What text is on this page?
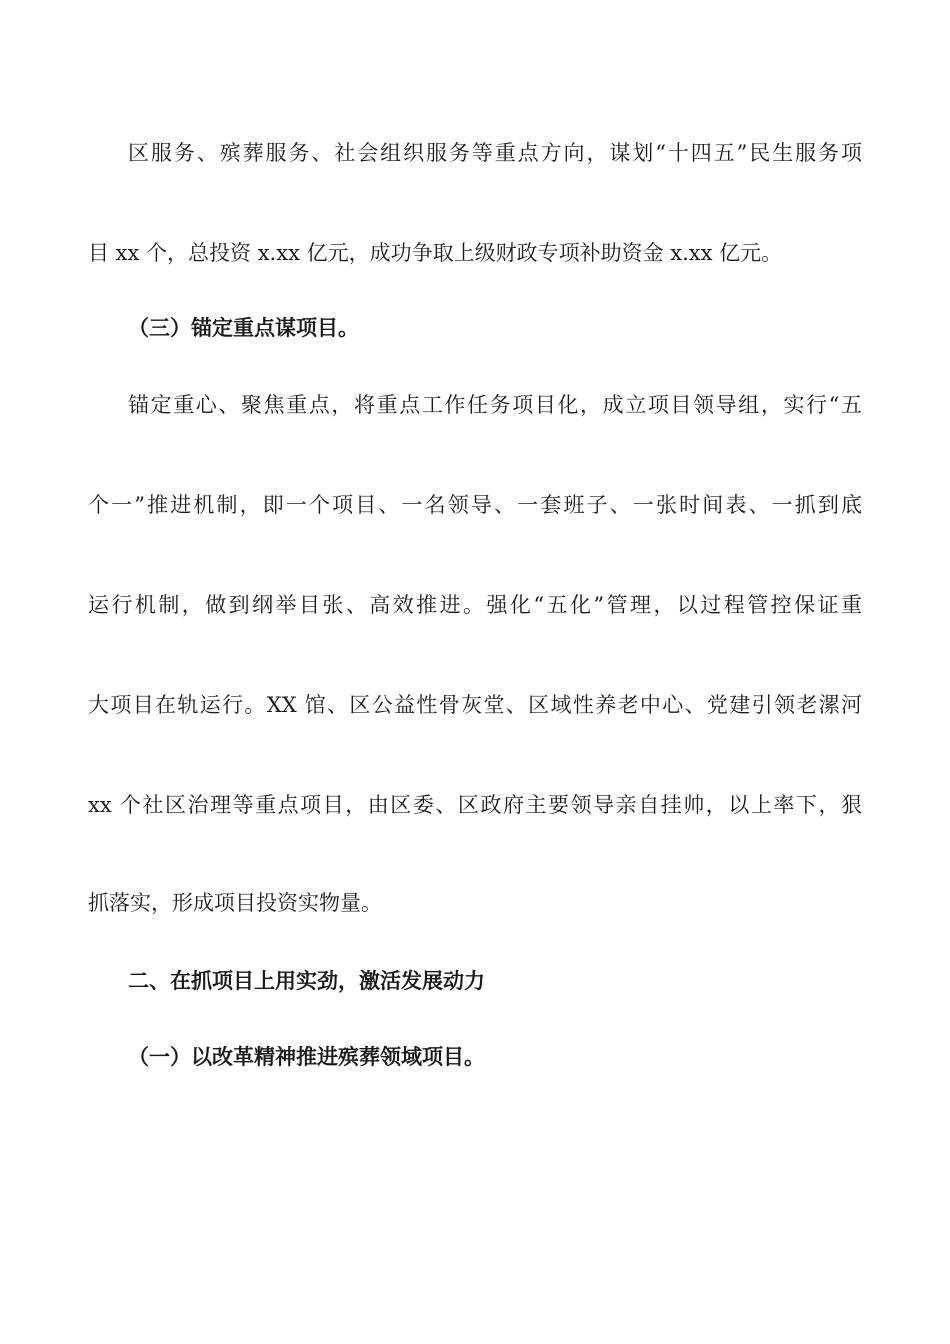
区服务、殡葬服务、社会组织服务等重点方向，谋划“十四五”民生服务项
目 xx 个，总投资 x.xx 亿元，成功争取上级财政专项补助资金 x.xx 亿元。
（三）锚定重点谋项目。
锚定重心、聚焦重点，将重点工作任务项目化，成立项目领导组，实行“五
个一”推进机制，即一个项目、一名领导、一套班子、一张时间表、一抓到底
运行机制，做到纲举目张、高效推进。强化“五化”管理，以过程管控保证重
大项目在轨运行。XX 馆、区公益性骨灰堂、区域性养老中心、党建引领老漯河
xx 个社区治理等重点项目，由区委、区政府主要领导亲自挂帅，以上率下，狠
抓落实，形成项目投资实物量。
二、在抓项目上用实劲，激活发展动力
（一）以改革精神推进殡葬领域项目。
